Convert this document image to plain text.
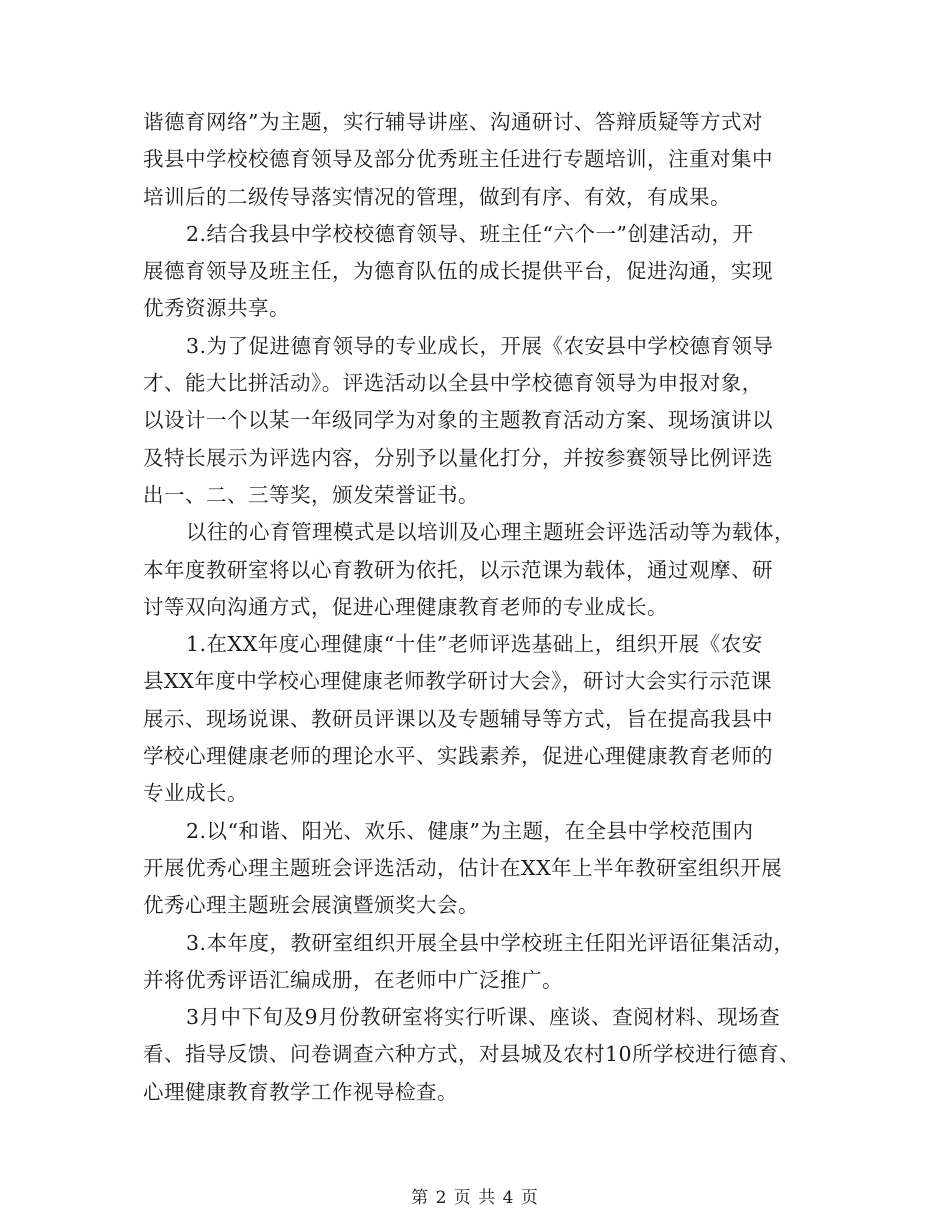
谐德育网络”为主题，实行辅导讲座、沟通研讨、答辩质疑等方式对
我县中学校校德育领导及部分优秀班主任进行专题培训，注重对集中
培训后的二级传导落实情况的管理，做到有序、有效，有成果。
2.结合我县中学校校德育领导、班主任“六个一”创建活动，开
展德育领导及班主任，为德育队伍的成长提供平台，促进沟通，实现
优秀资源共享。
3.为了促进德育领导的专业成长，开展《农安县中学校德育领导
才、能大比拼活动》。评选活动以全县中学校德育领导为申报对象，
以设计一个以某一年级同学为对象的主题教育活动方案、现场演讲以
及特长展示为评选内容，分别予以量化打分，并按参赛领导比例评选
出一、二、三等奖，颁发荣誉证书。
以往的心育管理模式是以培训及心理主题班会评选活动等为载体，
本年度教研室将以心育教研为依托，以示范课为载体，通过观摩、研
讨等双向沟通方式，促进心理健康教育老师的专业成长。
1.在XX年度心理健康“十佳”老师评选基础上，组织开展《农安
县XX年度中学校心理健康老师教学研讨大会》，研讨大会实行示范课
展示、现场说课、教研员评课以及专题辅导等方式，旨在提高我县中
学校心理健康老师的理论水平、实践素养，促进心理健康教育老师的
专业成长。
2.以“和谐、阳光、欢乐、健康”为主题，在全县中学校范围内
开展优秀心理主题班会评选活动，估计在XX年上半年教研室组织开展
优秀心理主题班会展演暨颁奖大会。
3.本年度，教研室组织开展全县中学校班主任阳光评语征集活动，
并将优秀评语汇编成册，在老师中广泛推广。
3月中下旬及9月份教研室将实行听课、座谈、查阅材料、现场查
看、指导反馈、问卷调查六种方式，对县城及农村10所学校进行德育、
心理健康教育教学工作视导检查。
第 2 页 共 4 页
